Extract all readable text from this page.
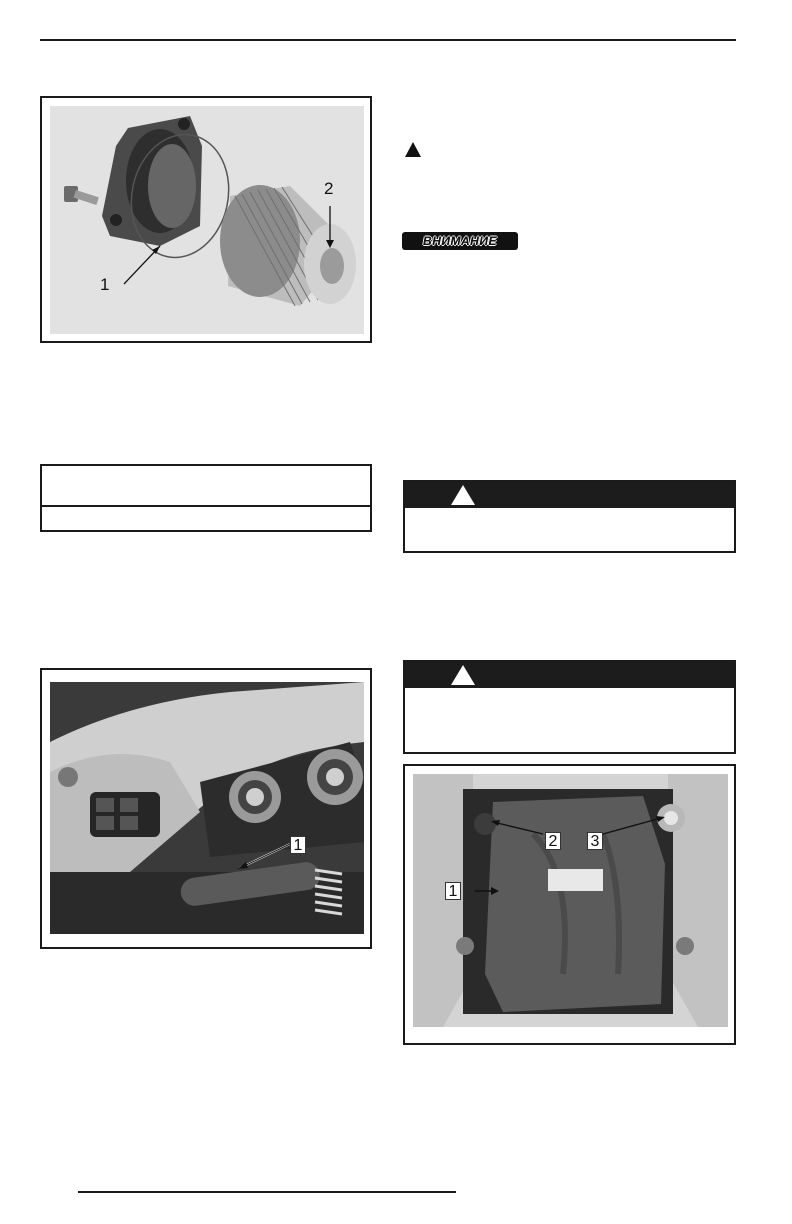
1
2
1
ВНИМАНИЕ
1
2 3
